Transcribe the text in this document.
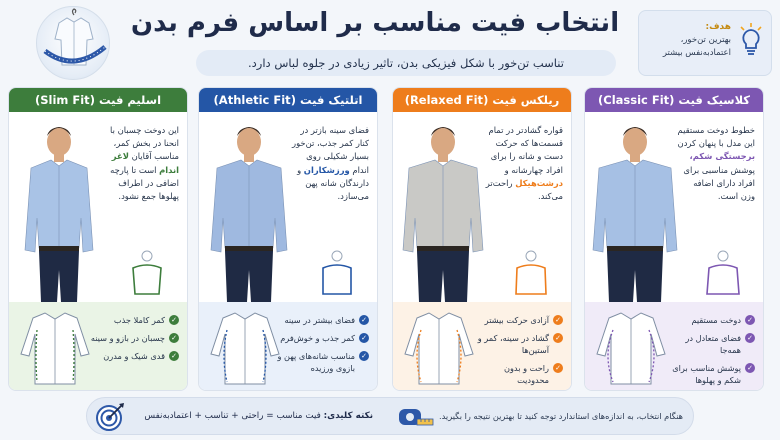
انتخاب فیت مناسب بر اساس فرم بدن
تناسب تن‌خور با شکل فیزیکی بدن، تاثیر زیادی در جلوه لباس دارد.
هدف:
بهترین تن‌خور،
اعتمادبه‌نفس بیشتر
کلاسیک فیت (Classic Fit)
خطوط دوخت مستقیم این مدل با پنهان کردن برجستگی شکم، پوشش مناسبی برای افراد دارای اضافه وزن است.
✓
دوخت مستقیم
✓
فضای متعادل در همه‌جا
✓
پوشش مناسب برای شکم و پهلوها
ریلکس فیت (Relaxed Fit)
قواره گشادتر در تمام قسمت‌ها که حرکت دست و شانه را برای افراد چهارشانه و درشت‌هیکل راحت‌تر می‌کند.
✓
آزادی حرکت بیشتر
✓
گشاد در سینه، کمر و آستین‌ها
✓
راحت و بدون محدودیت
اتلتیک فیت (Athletic Fit)
فضای سینه بازتر در کنار کمر جذب، تن‌خور بسیار شکیلی روی اندام ورزشکاران و دارندگان شانه پهن می‌سازد.
✓
فضای بیشتر در سینه
✓
کمر جذب و خوش‌فرم
✓
مناسب شانه‌های پهن و بازوی ورزیده
اسلیم فیت (Slim Fit)
این دوخت چسبان با انحنا در بخش کمر، مناسب آقایان لاغر اندام است تا پارچه اضافی در اطراف پهلوها جمع نشود.
✓
کمر کاملا جذب
✓
چسبان در بازو و سینه
✓
قدی شیک و مدرن
نکته کلیدی: فیت مناسب = راحتی + تناسب + اعتمادبه‌نفس	هنگام انتخاب، به اندازه‌های استاندارد توجه کنید تا بهترین نتیجه را بگیرید.
